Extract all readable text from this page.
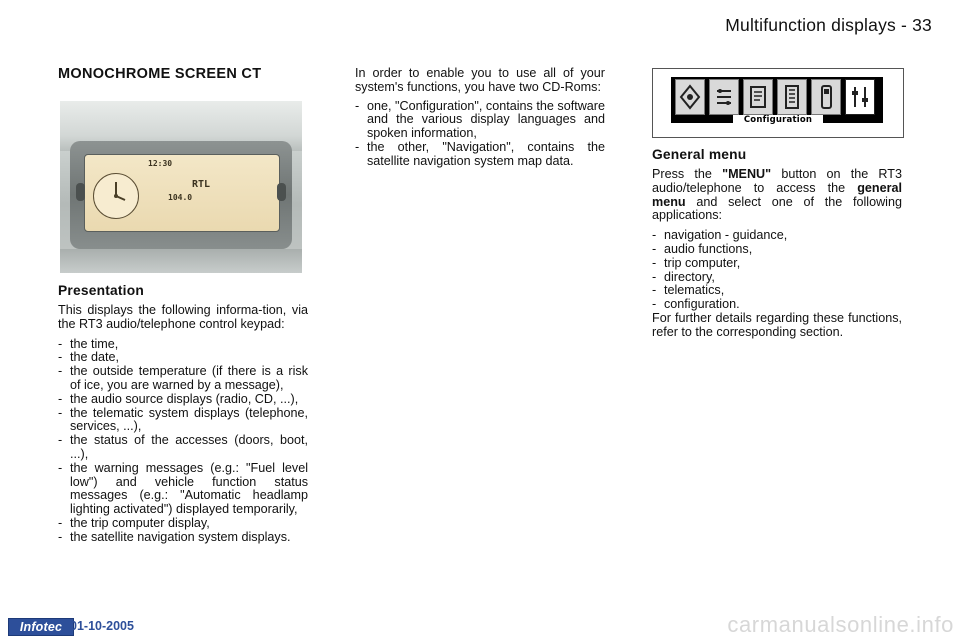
Multifunction displays - 33
MONOCHROME SCREEN CT
12:30
RTL
104.0
Presentation
This displays the following informa-tion, via the RT3 audio/telephone control keypad:
- the time,
- the date,
- the outside temperature (if there is a risk of ice, you are warned by a message),
- the audio source displays (radio, CD, ...),
- the telematic system displays (telephone, services, ...),
- the status of the accesses (doors, boot, ...),
- the warning messages (e.g.: "Fuel level low") and vehicle function status messages (e.g.: "Automatic headlamp lighting activated") displayed temporarily,
- the trip computer display,
- the satellite navigation system displays.
In order to enable you to use all of your system's functions, you have two CD-Roms:
- one, "Configuration", contains the software and the various display languages and spoken information,
- the other, "Navigation", contains the satellite navigation system map data.
Configuration
General menu
Press the "MENU" button on the RT3 audio/telephone to access the general menu and select one of the following applications:
- navigation - guidance,
- audio functions,
- trip computer,
- directory,
- telematics,
- configuration.
For further details regarding these functions, refer to the corresponding section.
Infotec 01-10-2005	carmanualsonline.info
